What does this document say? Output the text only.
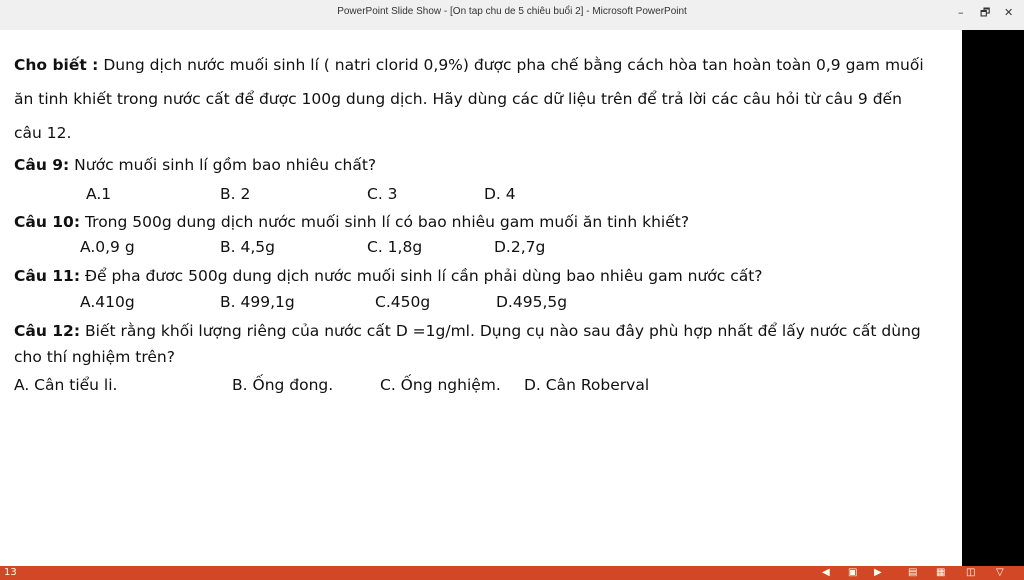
PowerPoint Slide Show - [On tap chu de 5 chiêu buổi 2] - Microsoft PowerPoint	– 🗗 ✕
Cho biết : Dung dịch nước muối sinh lí ( natri clorid 0,9%) được pha chế bằng cách hòa tan hoàn toàn 0,9 gam muối
ăn tinh khiết trong nước cất để được 100g dung dịch. Hãy dùng các dữ liệu trên để trả lời các câu hỏi từ câu 9 đến
câu 12.
Câu 9: Nước muối sinh lí gồm bao nhiêu chất?
A.1	B. 2	C. 3	D. 4
Câu 10: Trong 500g dung dịch nước muối sinh lí có bao nhiêu gam muối ăn tinh khiết?
A.0,9 g	B. 4,5g	C. 1,8g	D.2,7g
Câu 11: Để pha đươc 500g dung dịch nước muối sinh lí cần phải dùng bao nhiêu gam nước cất?
A.410g	B. 499,1g	C.450g	D.495,5g
Câu 12: Biết rằng khối lượng riêng của nước cất D =1g/ml. Dụng cụ nào sau đây phù hợp nhất để lấy nước cất dùng
cho thí nghiệm trên?
A. Cân tiểu li.	B. Ống đong.	C. Ống nghiệm. D. Cân Roberval
13	◀ ▣ ▶	▤ ▦ ◫ ▽
